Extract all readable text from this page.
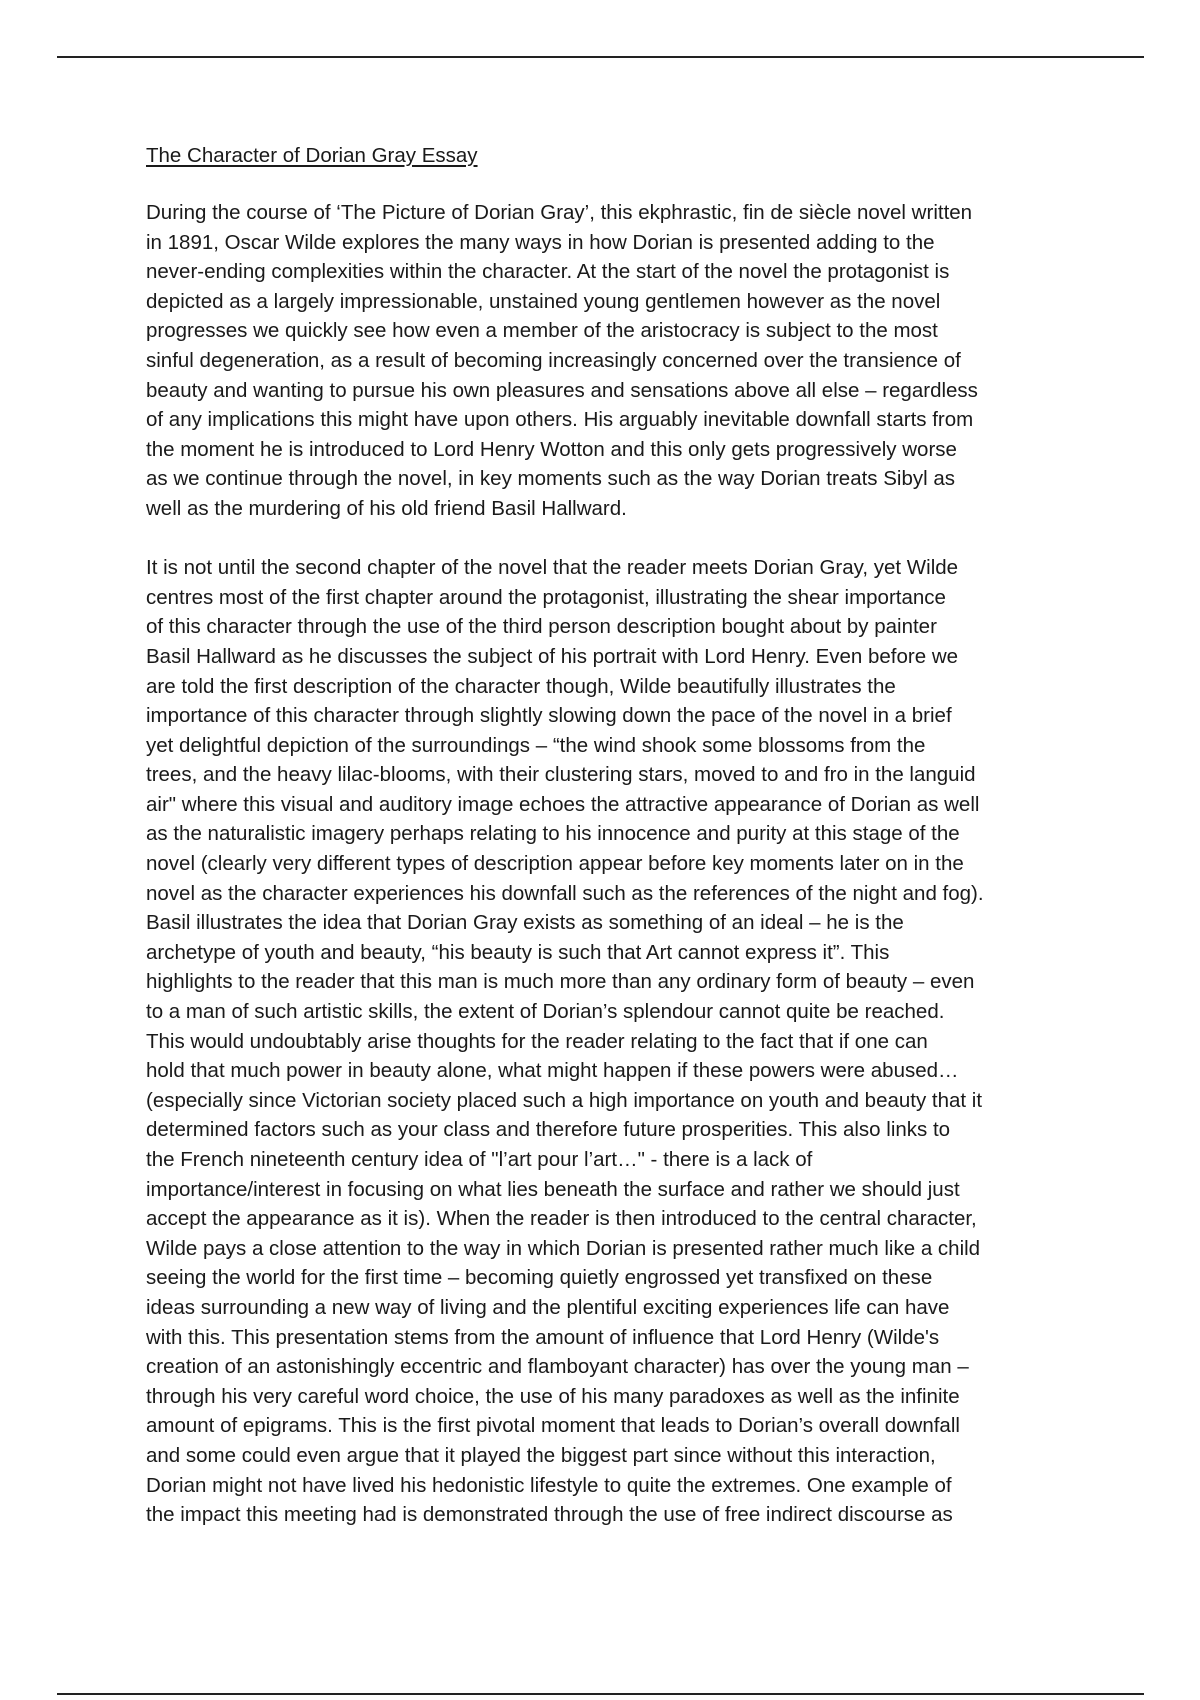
The Character of Dorian Gray Essay

During the course of ‘The Picture of Dorian Gray’, this ekphrastic, fin de siècle novel written
in 1891, Oscar Wilde explores the many ways in how Dorian is presented adding to the
never-ending complexities within the character. At the start of the novel the protagonist is
depicted as a largely impressionable, unstained young gentlemen however as the novel
progresses we quickly see how even a member of the aristocracy is subject to the most
sinful degeneration, as a result of becoming increasingly concerned over the transience of
beauty and wanting to pursue his own pleasures and sensations above all else – regardless
of any implications this might have upon others. His arguably inevitable downfall starts from
the moment he is introduced to Lord Henry Wotton and this only gets progressively worse
as we continue through the novel, in key moments such as the way Dorian treats Sibyl as
well as the murdering of his old friend Basil Hallward.

It is not until the second chapter of the novel that the reader meets Dorian Gray, yet Wilde
centres most of the first chapter around the protagonist, illustrating the shear importance
of this character through the use of the third person description bought about by painter
Basil Hallward as he discusses the subject of his portrait with Lord Henry. Even before we
are told the first description of the character though, Wilde beautifully illustrates the
importance of this character through slightly slowing down the pace of the novel in a brief
yet delightful depiction of the surroundings – “the wind shook some blossoms from the
trees, and the heavy lilac-blooms, with their clustering stars, moved to and fro in the languid
air" where this visual and auditory image echoes the attractive appearance of Dorian as well
as the naturalistic imagery perhaps relating to his innocence and purity at this stage of the
novel (clearly very different types of description appear before key moments later on in the
novel as the character experiences his downfall such as the references of the night and fog).
Basil illustrates the idea that Dorian Gray exists as something of an ideal – he is the
archetype of youth and beauty, “his beauty is such that Art cannot express it”. This
highlights to the reader that this man is much more than any ordinary form of beauty – even
to a man of such artistic skills, the extent of Dorian’s splendour cannot quite be reached.
This would undoubtably arise thoughts for the reader relating to the fact that if one can
hold that much power in beauty alone, what might happen if these powers were abused…
(especially since Victorian society placed such a high importance on youth and beauty that it
determined factors such as your class and therefore future prosperities. This also links to
the French nineteenth century idea of "l’art pour l’art…" - there is a lack of
importance/interest in focusing on what lies beneath the surface and rather we should just
accept the appearance as it is). When the reader is then introduced to the central character,
Wilde pays a close attention to the way in which Dorian is presented rather much like a child
seeing the world for the first time – becoming quietly engrossed yet transfixed on these
ideas surrounding a new way of living and the plentiful exciting experiences life can have
with this. This presentation stems from the amount of influence that Lord Henry (Wilde's
creation of an astonishingly eccentric and flamboyant character) has over the young man –
through his very careful word choice, the use of his many paradoxes as well as the infinite
amount of epigrams. This is the first pivotal moment that leads to Dorian’s overall downfall
and some could even argue that it played the biggest part since without this interaction,
Dorian might not have lived his hedonistic lifestyle to quite the extremes. One example of
the impact this meeting had is demonstrated through the use of free indirect discourse as
